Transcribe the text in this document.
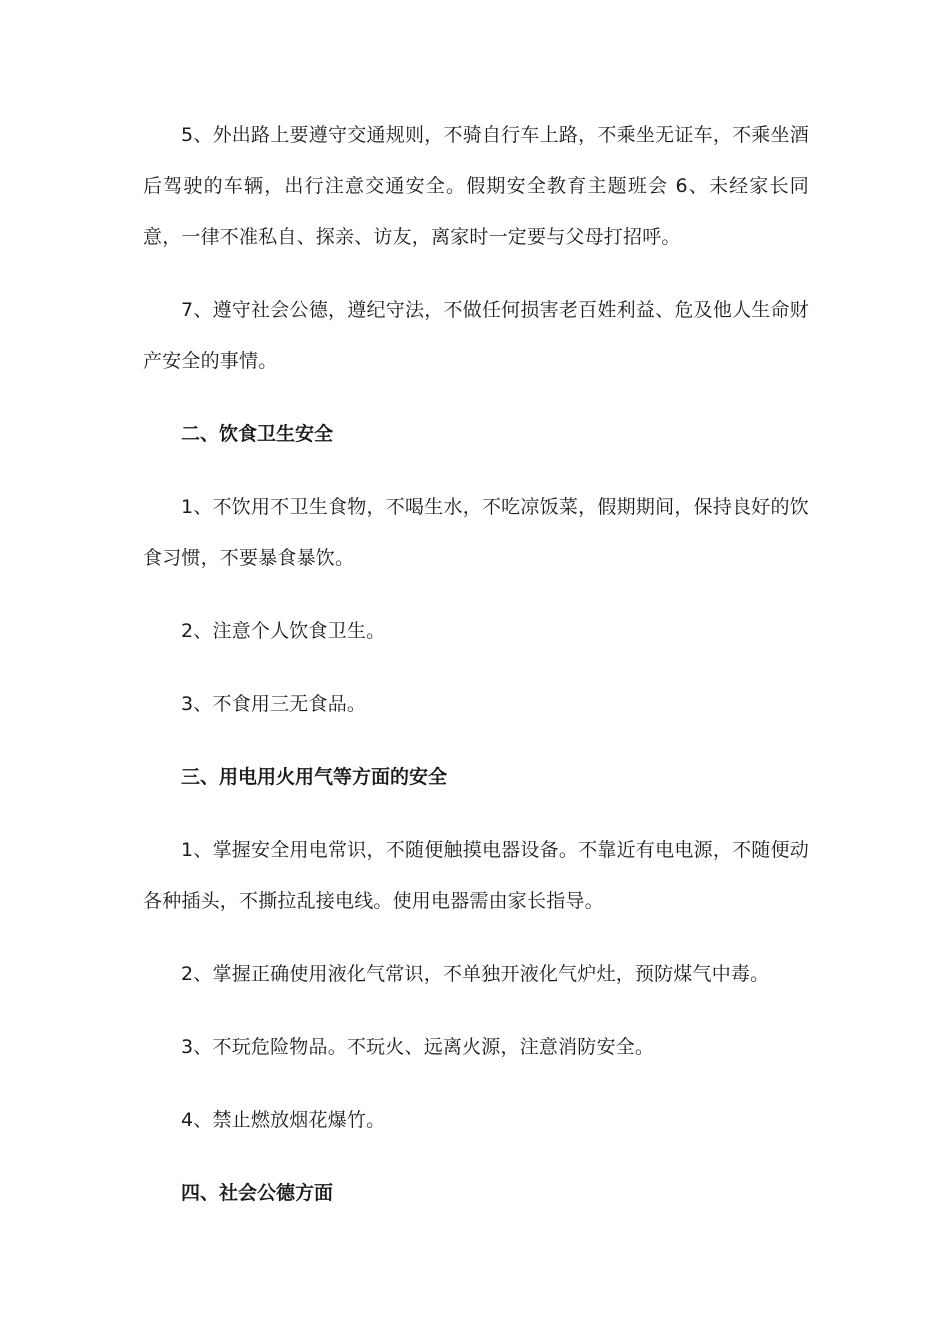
5、外出路上要遵守交通规则，不骑自行车上路，不乘坐无证车，不乘坐酒后驾驶的车辆，出行注意交通安全。假期安全教育主题班会 6、未经家长同意，一律不准私自、探亲、访友，离家时一定要与父母打招呼。

7、遵守社会公德，遵纪守法，不做任何损害老百姓利益、危及他人生命财产安全的事情。

二、饮食卫生安全

1、不饮用不卫生食物，不喝生水，不吃凉饭菜，假期期间，保持良好的饮食习惯，不要暴食暴饮。

2、注意个人饮食卫生。

3、不食用三无食品。

三、用电用火用气等方面的安全

1、掌握安全用电常识，不随便触摸电器设备。不靠近有电电源，不随便动各种插头，不撕拉乱接电线。使用电器需由家长指导。

2、掌握正确使用液化气常识，不单独开液化气炉灶，预防煤气中毒。

3、不玩危险物品。不玩火、远离火源，注意消防安全。

4、禁止燃放烟花爆竹。

四、社会公德方面
